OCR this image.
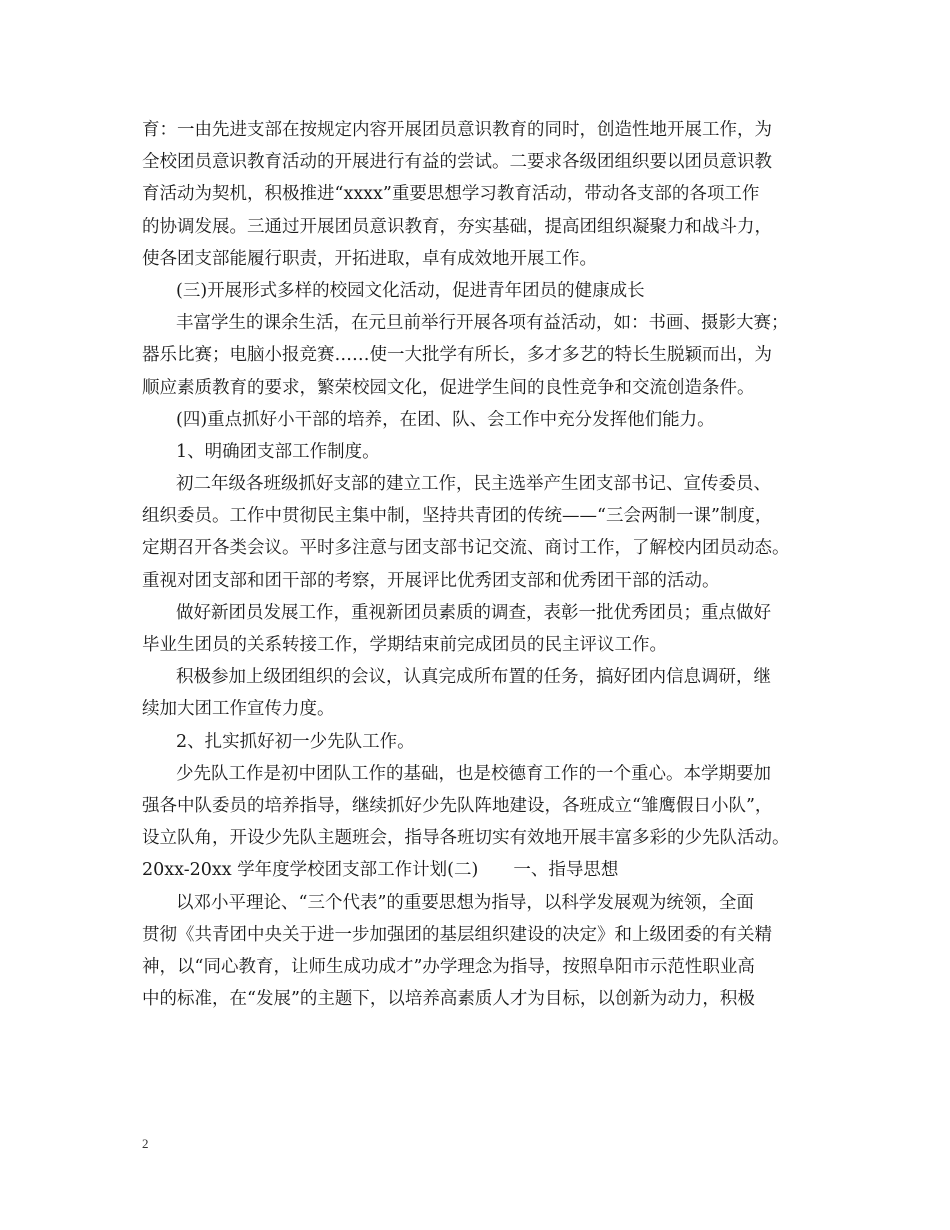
育：一由先进支部在按规定内容开展团员意识教育的同时，创造性地开展工作，为
全校团员意识教育活动的开展进行有益的尝试。二要求各级团组织要以团员意识教
育活动为契机，积极推进“xxxx”重要思想学习教育活动，带动各支部的各项工作
的协调发展。三通过开展团员意识教育，夯实基础，提高团组织凝聚力和战斗力，
使各团支部能履行职责，开拓进取，卓有成效地开展工作。
(三)开展形式多样的校园文化活动，促进青年团员的健康成长
丰富学生的课余生活，在元旦前举行开展各项有益活动，如：书画、摄影大赛；
器乐比赛；电脑小报竞赛……使一大批学有所长，多才多艺的特长生脱颖而出，为
顺应素质教育的要求，繁荣校园文化，促进学生间的良性竞争和交流创造条件。
(四)重点抓好小干部的培养，在团、队、会工作中充分发挥他们能力。
1、明确团支部工作制度。
初二年级各班级抓好支部的建立工作，民主选举产生团支部书记、宣传委员、
组织委员。工作中贯彻民主集中制，坚持共青团的传统——“三会两制一课”制度，
定期召开各类会议。平时多注意与团支部书记交流、商讨工作，了解校内团员动态。
重视对团支部和团干部的考察，开展评比优秀团支部和优秀团干部的活动。
做好新团员发展工作，重视新团员素质的调查，表彰一批优秀团员；重点做好
毕业生团员的关系转接工作，学期结束前完成团员的民主评议工作。
积极参加上级团组织的会议，认真完成所布置的任务，搞好团内信息调研，继
续加大团工作宣传力度。
2、扎实抓好初一少先队工作。
少先队工作是初中团队工作的基础，也是校德育工作的一个重心。本学期要加
强各中队委员的培养指导，继续抓好少先队阵地建设，各班成立“雏鹰假日小队”，
设立队角，开设少先队主题班会，指导各班切实有效地开展丰富多彩的少先队活动。
20xx-20xx 学年度学校团支部工作计划(二)　　一、指导思想
以邓小平理论、“三个代表”的重要思想为指导，以科学发展观为统领，全面
贯彻《共青团中央关于进一步加强团的基层组织建设的决定》和上级团委的有关精
神，以“同心教育，让师生成功成才”办学理念为指导，按照阜阳市示范性职业高
中的标准，在“发展”的主题下，以培养高素质人才为目标，以创新为动力，积极
2
